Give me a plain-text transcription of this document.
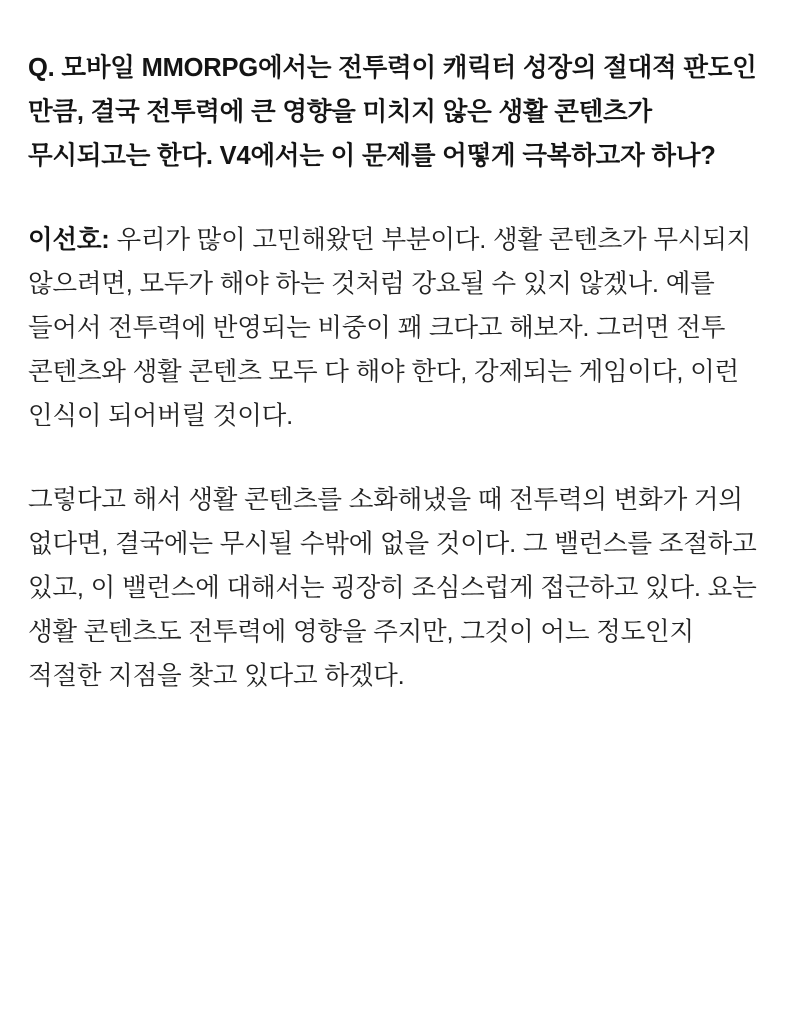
Q. 모바일 MMORPG에서는 전투력이 캐릭터 성장의 절대적 판도인 만큼, 결국 전투력에 큰 영향을 미치지 않은 생활 콘텐츠가 무시되고는 한다. V4에서는 이 문제를 어떻게 극복하고자 하나?

이선호: 우리가 많이 고민해왔던 부분이다. 생활 콘텐츠가 무시되지 않으려면, 모두가 해야 하는 것처럼 강요될 수 있지 않겠나. 예를 들어서 전투력에 반영되는 비중이 꽤 크다고 해보자. 그러면 전투 콘텐츠와 생활 콘텐츠 모두 다 해야 한다, 강제되는 게임이다, 이런 인식이 되어버릴 것이다.

그렇다고 해서 생활 콘텐츠를 소화해냈을 때 전투력의 변화가 거의 없다면, 결국에는 무시될 수밖에 없을 것이다. 그 밸런스를 조절하고 있고, 이 밸런스에 대해서는 굉장히 조심스럽게 접근하고 있다. 요는 생활 콘텐츠도 전투력에 영향을 주지만, 그것이 어느 정도인지 적절한 지점을 찾고 있다고 하겠다.
